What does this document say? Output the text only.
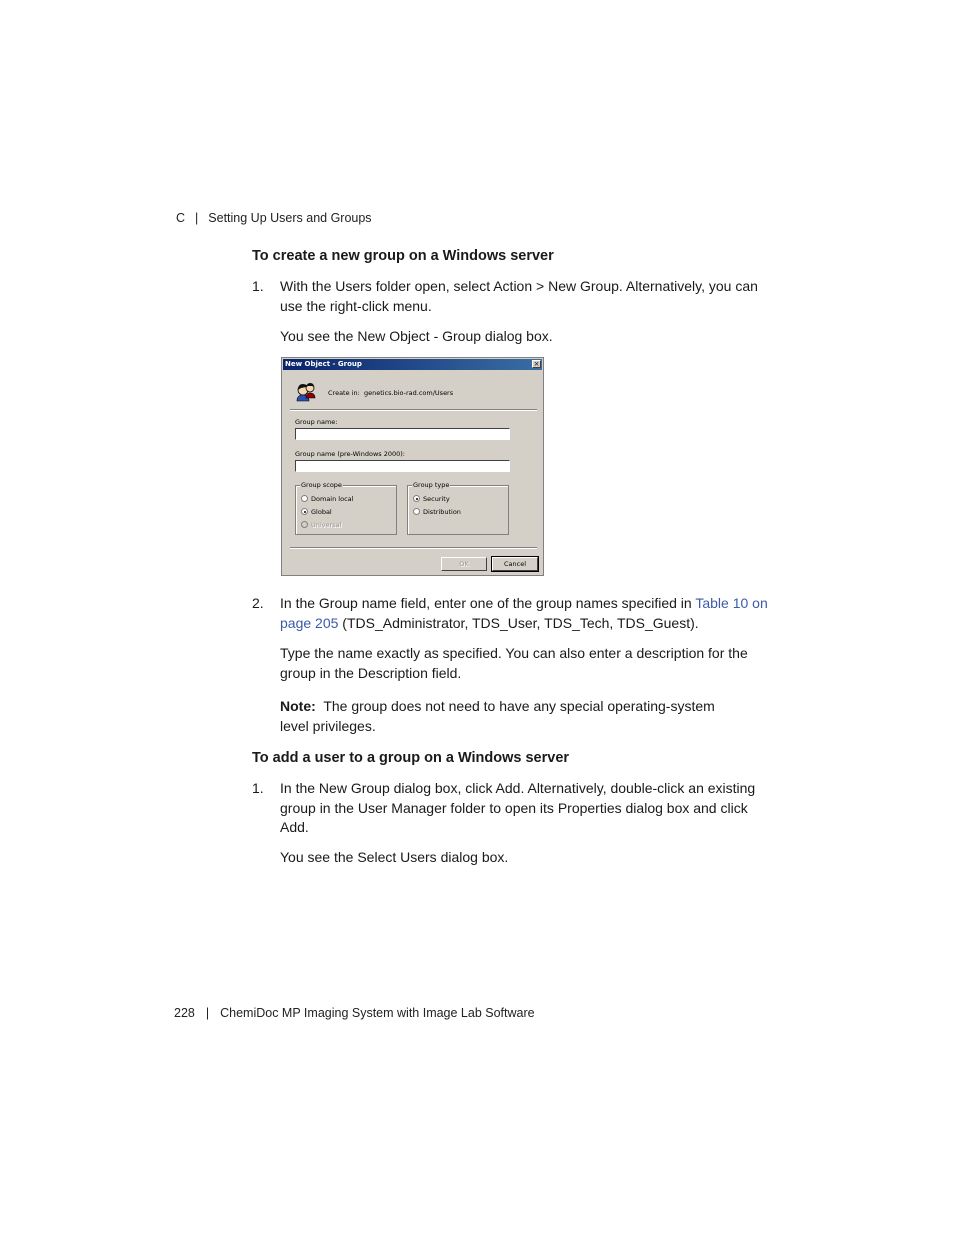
C | Setting Up Users and Groups
To create a new group on a Windows server
1. With the Users folder open, select Action > New Group. Alternatively, you can use the right-click menu.
You see the New Object - Group dialog box.
New Object - Group	×
Create in: genetics.bio-rad.com/Users
Group name:
Group name (pre-Windows 2000):
Group scope
Domain local
Global
Universal
Group type
Security
Distribution
OK	Cancel
2. In the Group name field, enter one of the group names specified in Table 10 on page 205 (TDS_Administrator, TDS_User, TDS_Tech, TDS_Guest).
Type the name exactly as specified. You can also enter a description for the group in the Description field.
Note: The group does not need to have any special operating-system level privileges.
To add a user to a group on a Windows server
1. In the New Group dialog box, click Add. Alternatively, double-click an existing group in the User Manager folder to open its Properties dialog box and click Add.
You see the Select Users dialog box.
228 | ChemiDoc MP Imaging System with Image Lab Software
